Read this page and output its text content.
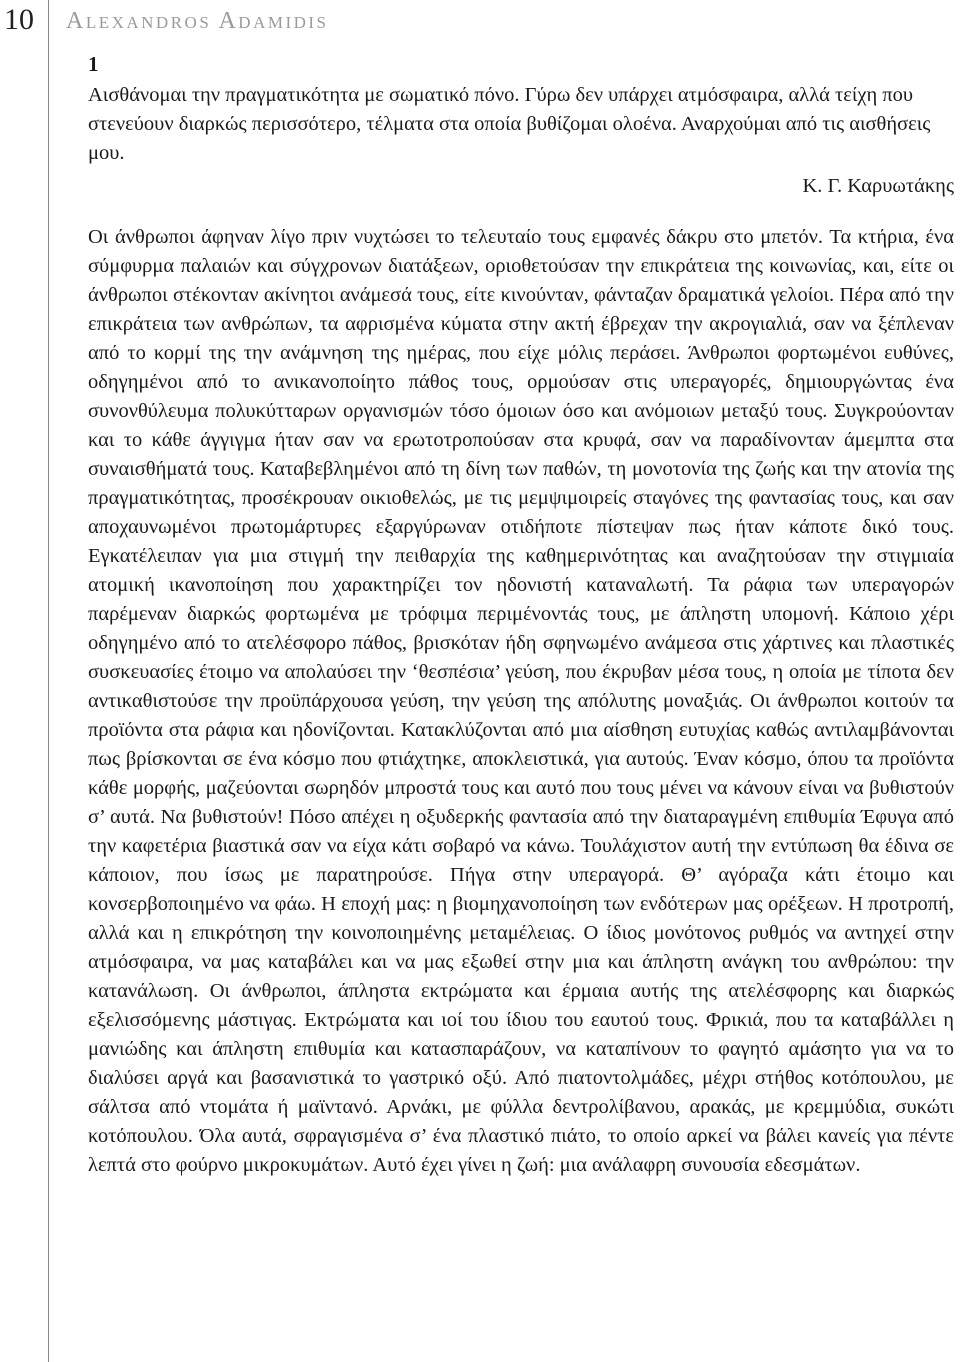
10 Alexandros Adamidis
1

Αισθάνομαι την πραγματικότητα με σωματικό πόνο. Γύρω δεν υπάρχει ατμόσφαιρα, αλλά τείχη που στενεύουν διαρκώς περισσότερο, τέλματα στα οποία βυθίζομαι ολοένα. Αναρχούμαι από τις αισθήσεις μου.

Κ. Γ. Καρυωτάκης

Οι άνθρωποι άφηναν λίγο πριν νυχτώσει το τελευταίο τους εμφανές δάκρυ στο μπετόν. Τα κτήρια, ένα σύμφυρμα παλαιών και σύγχρονων διατάξεων, οριοθετούσαν την επικράτεια της κοινωνίας, και, είτε οι άνθρωποι στέκονταν ακίνητοι ανάμεσά τους, είτε κινούνταν, φάνταζαν δραματικά γελοίοι. Πέρα από την επικράτεια των ανθρώπων, τα αφρισμένα κύματα στην ακτή έβρεχαν την ακρογιαλιά, σαν να ξέπλεναν από το κορμί της την ανάμνηση της ημέρας, που είχε μόλις περάσει. Άνθρωποι φορτωμένοι ευθύνες, οδηγημένοι από το ανικανοποίητο πάθος τους, ορμούσαν στις υπεραγορές, δημιουργώντας ένα συνονθύλευμα πολυκύτταρων οργανισμών τόσο όμοιων όσο και ανόμοιων μεταξύ τους. Συγκρούονταν και το κάθε άγγιγμα ήταν σαν να ερωτοτροπούσαν στα κρυφά, σαν να παραδίνονταν άμεμπτα στα συναισθήματά τους. Καταβεβλημένοι από τη δίνη των παθών, τη μονοτονία της ζωής και την ατονία της πραγματικότητας, προσέκρουαν οικιοθελώς, με τις μεμψιμοιρείς σταγόνες της φαντασίας τους, και σαν αποχαυνωμένοι πρωτομάρτυρες εξαργύρωναν οτιδήποτε πίστεψαν πως ήταν κάποτε δικό τους. Εγκατέλειπαν για μια στιγμή την πειθαρχία της καθημερινότητας και αναζητούσαν την στιγμιαία ατομική ικανοποίηση που χαρακτηρίζει τον ηδονιστή καταναλωτή. Τα ράφια των υπεραγορών παρέμεναν διαρκώς φορτωμένα με τρόφιμα περιμένοντάς τους, με άπληστη υπομονή. Κάποιο χέρι οδηγημένο από το ατελέσφορο πάθος, βρισκόταν ήδη σφηνωμένο ανάμεσα στις χάρτινες και πλαστικές συσκευασίες έτοιμο να απολαύσει την ‘θεσπέσια’ γεύση, που έκρυβαν μέσα τους, η οποία με τίποτα δεν αντικαθιστούσε την προϋπάρχουσα γεύση, την γεύση της απόλυτης μοναξιάς. Οι άνθρωποι κοιτούν τα προϊόντα στα ράφια και ηδονίζονται. Κατακλύζονται από μια αίσθηση ευτυχίας καθώς αντιλαμβάνονται πως βρίσκονται σε ένα κόσμο που φτιάχτηκε, αποκλειστικά, για αυτούς. Έναν κόσμο, όπου τα προϊόντα κάθε μορφής, μαζεύονται σωρηδόν μπροστά τους και αυτό που τους μένει να κάνουν είναι να βυθιστούν σ’ αυτά. Να βυθιστούν! Πόσο απέχει η οξυδερκής φαντασία από την διαταραγμένη επιθυμία Έφυγα από την καφετέρια βιαστικά σαν να είχα κάτι σοβαρό να κάνω. Τουλάχιστον αυτή την εντύπωση θα έδινα σε κάποιον, που ίσως με παρατηρούσε. Πήγα στην υπεραγορά. Θ’ αγόραζα κάτι έτοιμο και κονσερβοποιημένο να φάω. Η εποχή μας: η βιομηχανοποίηση των ενδότερων μας ορέξεων. Η προτροπή, αλλά και η επικρότηση την κοινοποιημένης μεταμέλειας. Ο ίδιος μονότονος ρυθμός να αντηχεί στην ατμόσφαιρα, να μας καταβάλει και να μας εξωθεί στην μια και άπληστη ανάγκη του ανθρώπου: την κατανάλωση. Οι άνθρωποι, άπληστα εκτρώματα και έρμαια αυτής της ατελέσφορης και διαρκώς εξελισσόμενης μάστιγας. Εκτρώματα και ιοί του ίδιου του εαυτού τους. Φρικιά, που τα καταβάλλει η μανιώδης και άπληστη επιθυμία και κατασπαράζουν, να καταπίνουν το φαγητό αμάσητο για να το διαλύσει αργά και βασανιστικά το γαστρικό οξύ. Από πιατοντολμάδες, μέχρι στήθος κοτόπουλου, με σάλτσα από ντομάτα ή μαϊντανό. Αρνάκι, με φύλλα δεντρολίβανου, αρακάς, με κρεμμύδια, συκώτι κοτόπουλου. Όλα αυτά, σφραγισμένα σ’ ένα πλαστικό πιάτο, το οποίο αρκεί να βάλει κανείς για πέντε λεπτά στο φούρνο μικροκυμάτων. Αυτό έχει γίνει η ζωή: μια ανάλαφρη συνουσία εδεσμάτων.
